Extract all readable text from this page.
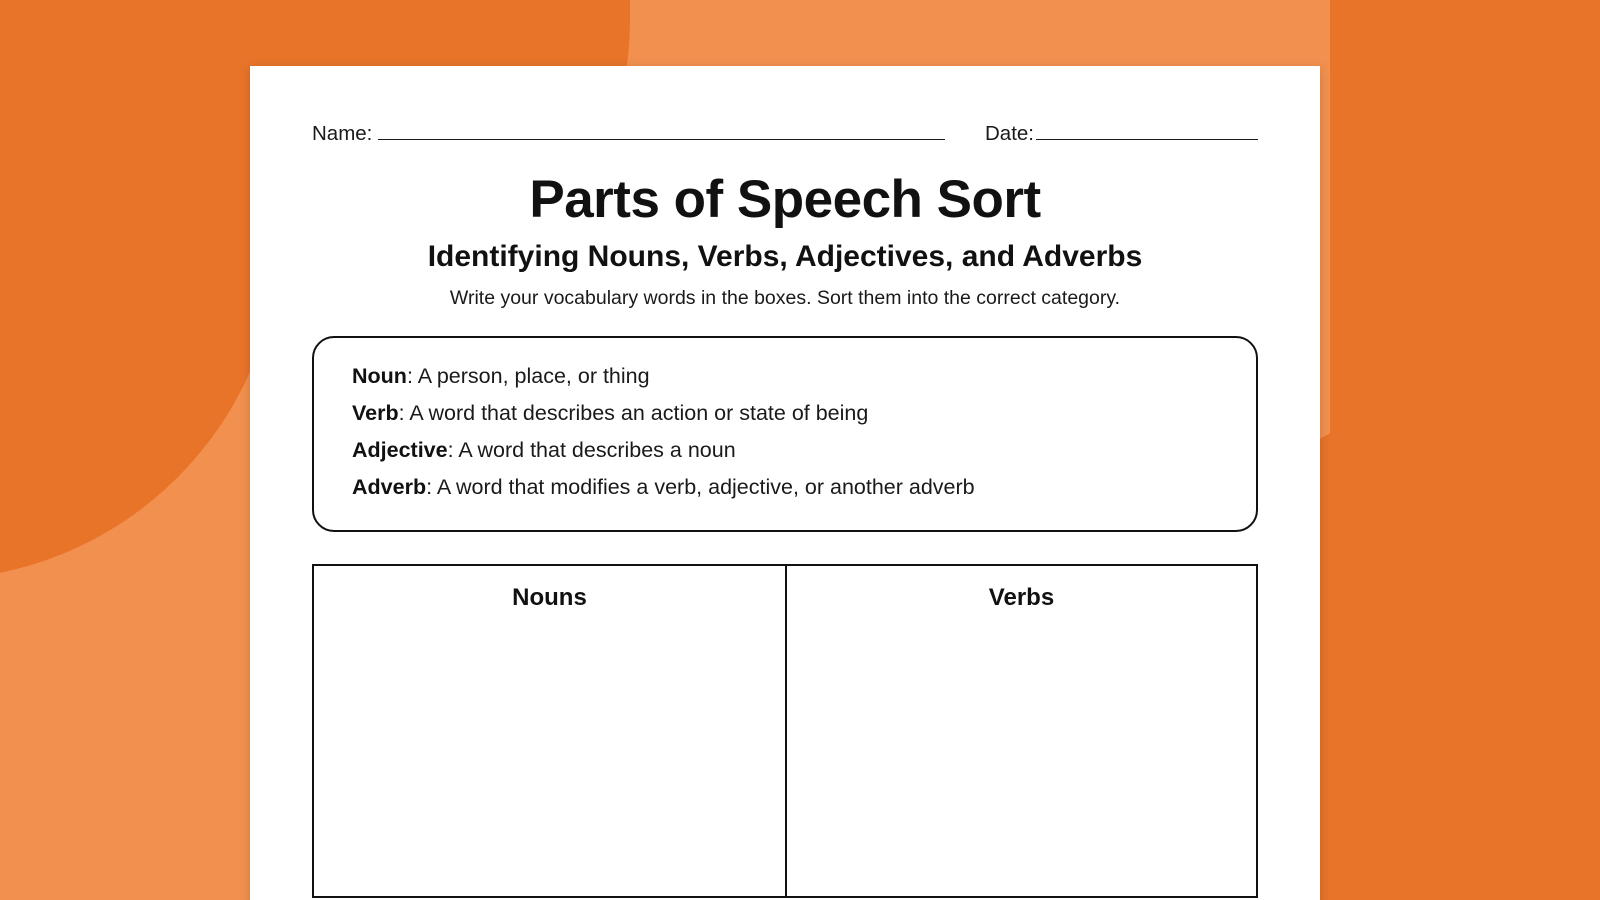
Name:	Date:
Parts of Speech Sort
Identifying Nouns, Verbs, Adjectives, and Adverbs

Write your vocabulary words in the boxes. Sort them into the correct category.

Noun: A person, place, or thing
Verb: A word that describes an action or state of being
Adjective: A word that describes a noun
Adverb: A word that modifies a verb, adjective, or another adverb
Nouns	Verbs
